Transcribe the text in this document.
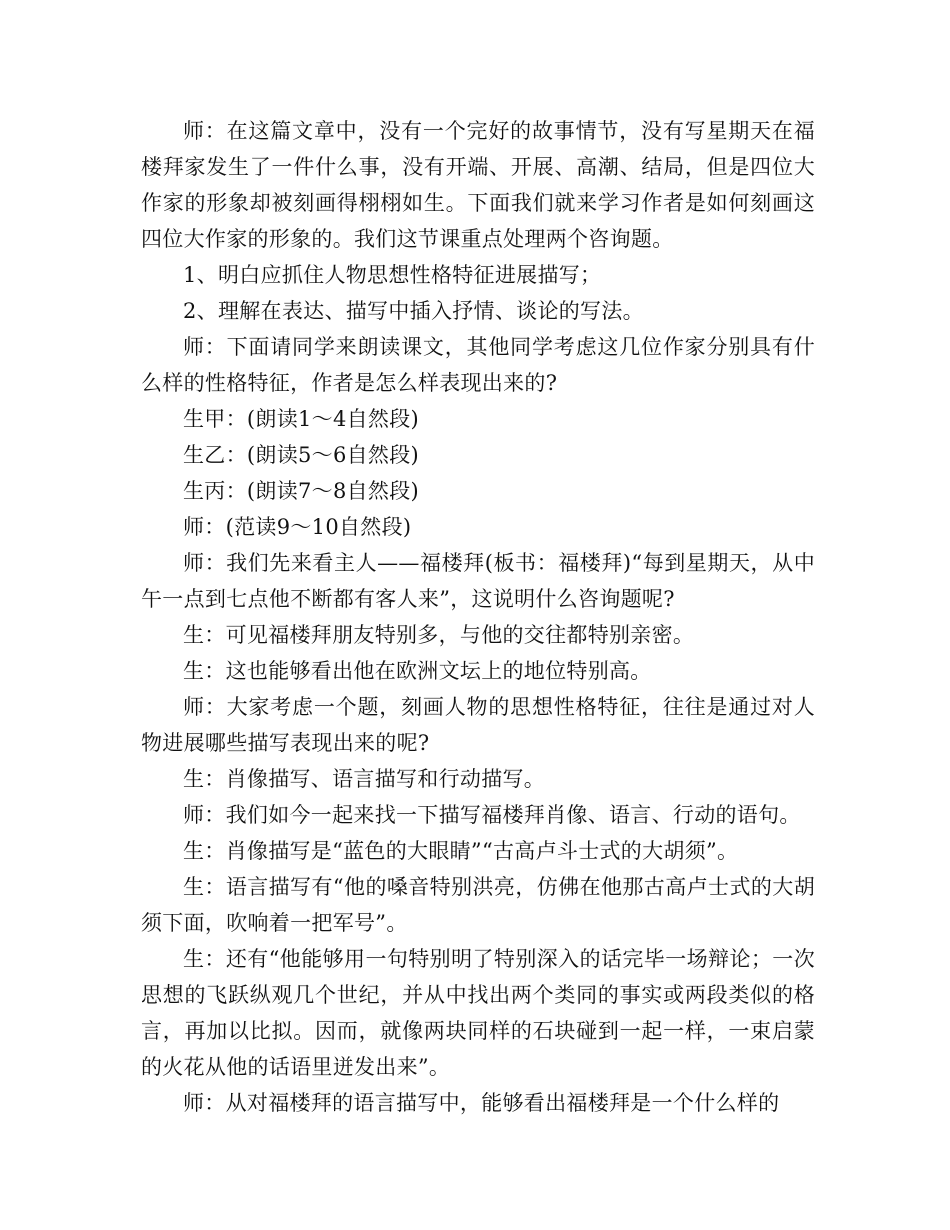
师：在这篇文章中，没有一个完好的故事情节，没有写星期天在福楼拜家发生了一件什么事，没有开端、开展、高潮、结局，但是四位大作家的形象却被刻画得栩栩如生。下面我们就来学习作者是如何刻画这四位大作家的形象的。我们这节课重点处理两个咨询题。

1、明白应抓住人物思想性格特征进展描写；

2、理解在表达、描写中插入抒情、谈论的写法。

师：下面请同学来朗读课文，其他同学考虑这几位作家分别具有什么样的性格特征，作者是怎么样表现出来的?

生甲：(朗读1～4自然段)

生乙：(朗读5～6自然段)

生丙：(朗读7～8自然段)

师：(范读9～10自然段)

师：我们先来看主人——福楼拜(板书：福楼拜)“每到星期天，从中午一点到七点他不断都有客人来”，这说明什么咨询题呢?

生：可见福楼拜朋友特别多，与他的交往都特别亲密。

生：这也能够看出他在欧洲文坛上的地位特别高。

师：大家考虑一个题，刻画人物的思想性格特征，往往是通过对人物进展哪些描写表现出来的呢?

生：肖像描写、语言描写和行动描写。

师：我们如今一起来找一下描写福楼拜肖像、语言、行动的语句。

生：肖像描写是“蓝色的大眼睛”“古高卢斗士式的大胡须”。

生：语言描写有“他的嗓音特别洪亮，仿佛在他那古高卢士式的大胡须下面，吹响着一把军号”。

生：还有“他能够用一句特别明了特别深入的话完毕一场辩论；一次思想的飞跃纵观几个世纪，并从中找出两个类同的事实或两段类似的格言，再加以比拟。因而，就像两块同样的石块碰到一起一样，一束启蒙的火花从他的话语里迸发出来”。

师：从对福楼拜的语言描写中，能够看出福楼拜是一个什么样的
